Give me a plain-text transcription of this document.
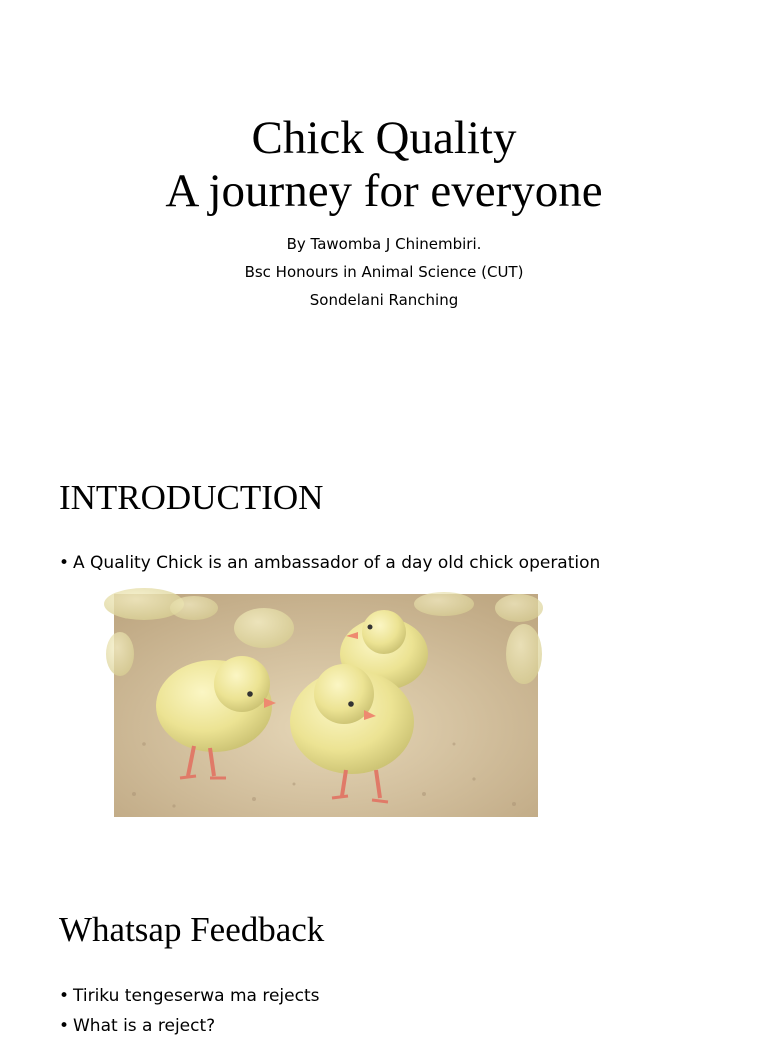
Chick Quality
A journey for everyone
By Tawomba J Chinembiri.
Bsc Honours in Animal Science (CUT)
Sondelani Ranching
INTRODUCTION
• A Quality Chick is an ambassador of a day old chick operation
Whatsap Feedback
• Tiriku tengeserwa ma rejects
• What is a reject?
